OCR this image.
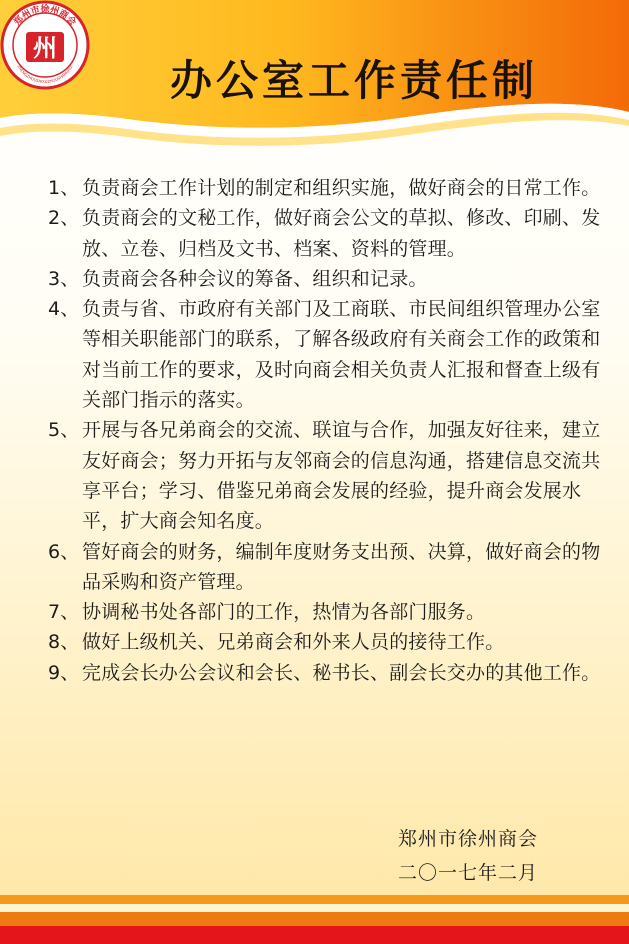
郑州市徐州商会
ZHENGZHOUSHIXUZHOUSHANGHUI
州
办公室工作责任制
1、 负责商会工作计划的制定和组织实施，做好商会的日常工作。
2、 负责商会的文秘工作，做好商会公文的草拟、修改、印刷、发放、立卷、归档及文书、档案、资料的管理。
3、 负责商会各种会议的筹备、组织和记录。
4、 负责与省、市政府有关部门及工商联、市民间组织管理办公室等相关职能部门的联系，了解各级政府有关商会工作的政策和对当前工作的要求，及时向商会相关负责人汇报和督查上级有关部门指示的落实。
5、 开展与各兄弟商会的交流、联谊与合作，加强友好往来，建立友好商会；努力开拓与友邻商会的信息沟通，搭建信息交流共享平台；学习、借鉴兄弟商会发展的经验，提升商会发展水平，扩大商会知名度。
6、 管好商会的财务，编制年度财务支出预、决算，做好商会的物品采购和资产管理。
7、 协调秘书处各部门的工作，热情为各部门服务。
8、 做好上级机关、兄弟商会和外来人员的接待工作。
9、 完成会长办公会议和会长、秘书长、副会长交办的其他工作。
郑州市徐州商会
二〇一七年二月
